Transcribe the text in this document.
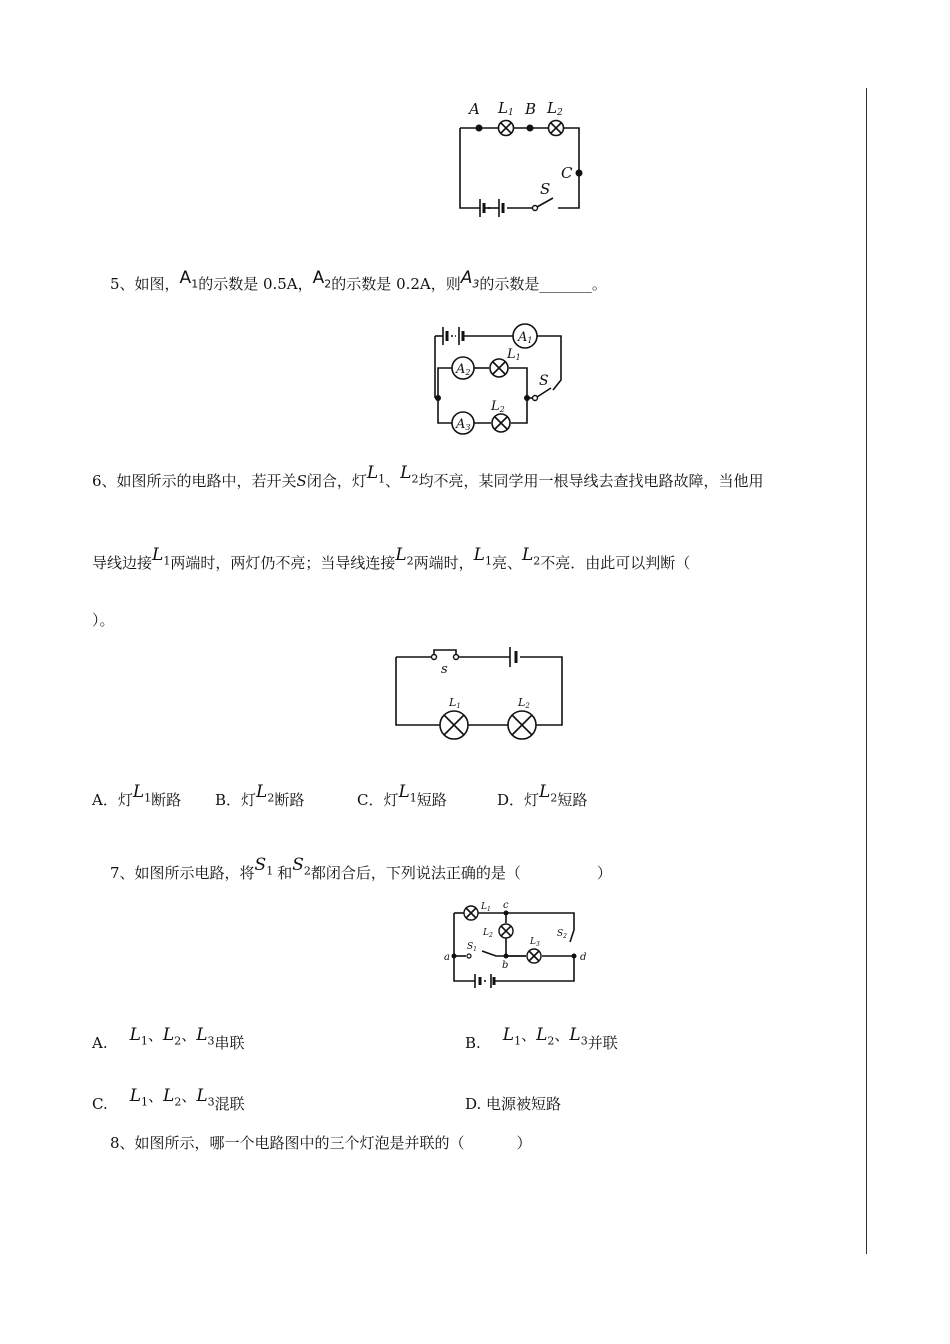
A L1 B L2
C
S
5、如图，$A_1$的示数是 0.5A，$A_2$的示数是 0.2A，则$A_3$的示数是_______。
A1
A2
A3
L1
L2
S
6、如图所示的电路中，若开关S闭合，灯$L_1$、$L_2$均不亮，某同学用一根导线去查找电路故障，当他用
导线边接$L_1$两端时，两灯仍不亮；当导线连接$L_2$两端时，$L_1$亮、$L_2$不亮．由此可以判断（
）。
s
L1	L2
A．灯$L_1$断路 B．灯$L_2$断路	C．灯$L_1$短路	D．灯$L_2$短路
7、如图所示电路，将$S_1$ 和$S_2$都闭合后，下列说法正确的是（	）
$L_1$ c
$L_2$
$L_3$
$S_1$
$S_2$
a
b
d
A. $L_1$、$L_2$、$L_3$串联	B. $L_1$、$L_2$、$L_3$并联
C. $L_1$、$L_2$、$L_3$混联	D. 电源被短路
8、如图所示，哪一个电路图中的三个灯泡是并联的（	）
